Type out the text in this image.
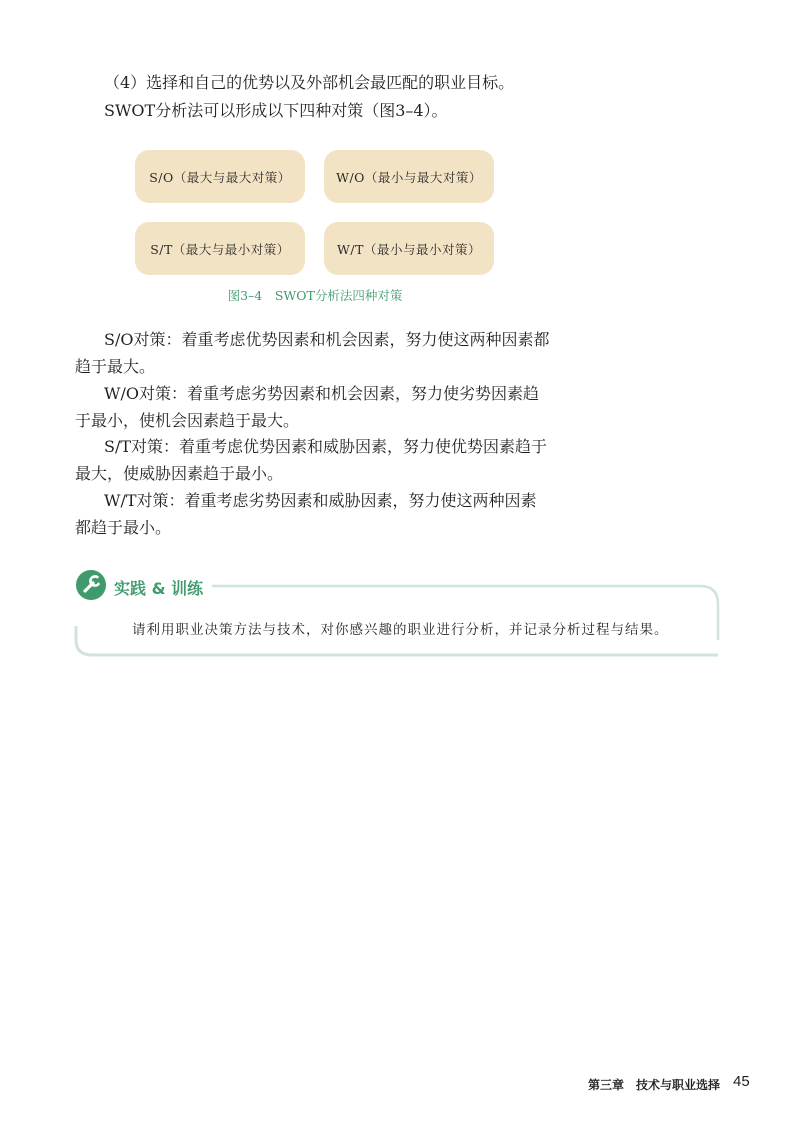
（4）选择和自己的优势以及外部机会最匹配的职业目标。
SWOT分析法可以形成以下四种对策（图3–4）。
S/O（最大与最大对策）	W/O（最小与最大对策）
S/T（最大与最小对策）	W/T（最小与最小对策）
图3–4　SWOT分析法四种对策
S/O对策：着重考虑优势因素和机会因素，努力使这两种因素都
趋于最大。
W/O对策：着重考虑劣势因素和机会因素，努力使劣势因素趋
于最小，使机会因素趋于最大。
S/T对策：着重考虑优势因素和威胁因素，努力使优势因素趋于
最大，使威胁因素趋于最小。
W/T对策：着重考虑劣势因素和威胁因素，努力使这两种因素
都趋于最小。
实践 & 训练
请利用职业决策方法与技术，对你感兴趣的职业进行分析，并记录分析过程与结果。
第三章　技术与职业选择 45
